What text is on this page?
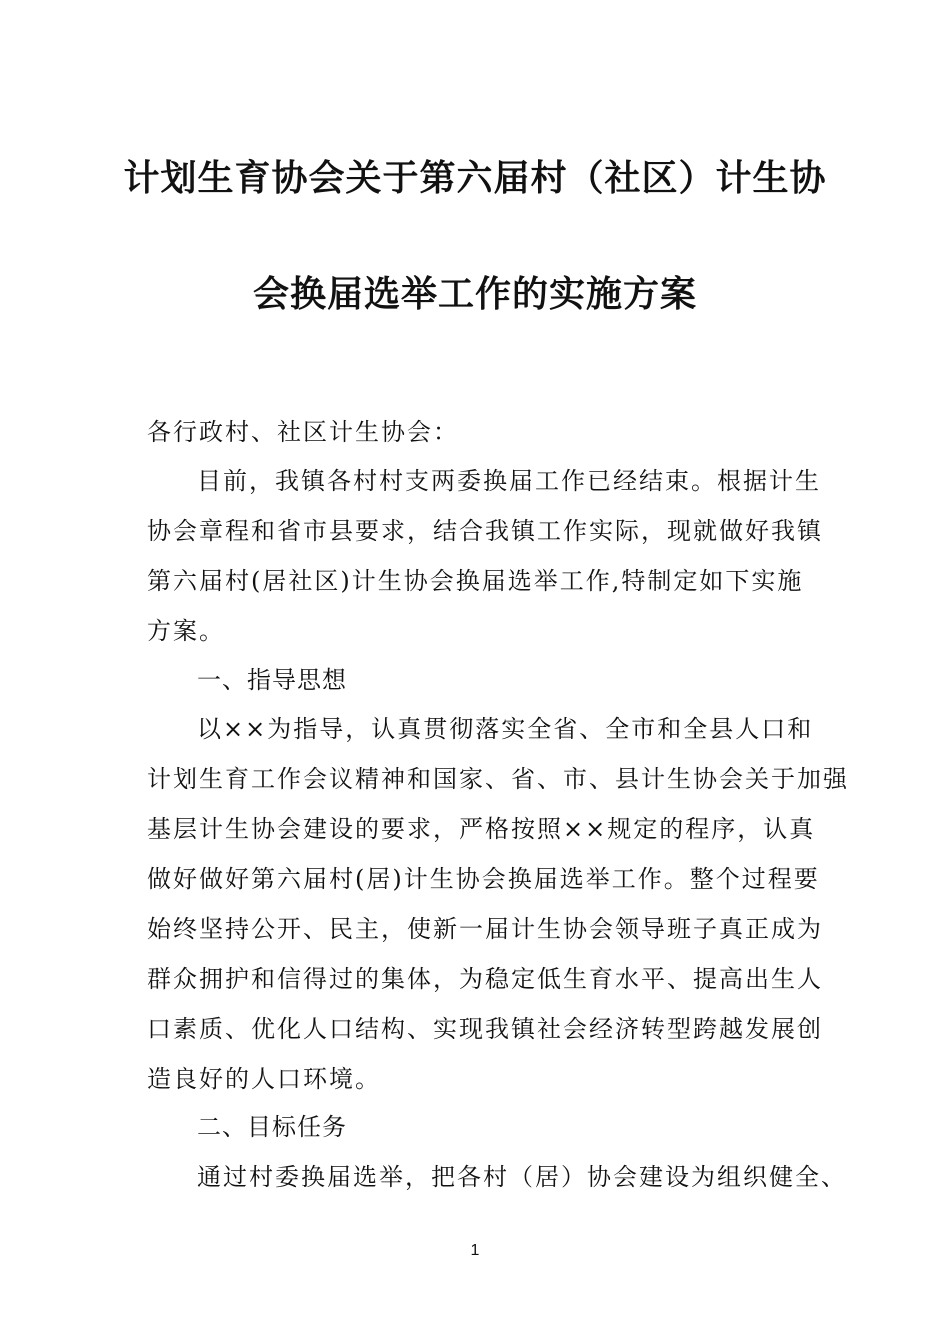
计划生育协会关于第六届村（社区）计生协
会换届选举工作的实施方案
各行政村、社区计生协会：
目前，我镇各村村支两委换届工作已经结束。根据计生
协会章程和省市县要求，结合我镇工作实际，现就做好我镇
第六届村(居社区)计生协会换届选举工作,特制定如下实施
方案。
一、指导思想
以××为指导，认真贯彻落实全省、全市和全县人口和
计划生育工作会议精神和国家、省、市、县计生协会关于加强
基层计生协会建设的要求，严格按照××规定的程序，认真
做好做好第六届村(居)计生协会换届选举工作。整个过程要
始终坚持公开、民主，使新一届计生协会领导班子真正成为
群众拥护和信得过的集体，为稳定低生育水平、提高出生人
口素质、优化人口结构、实现我镇社会经济转型跨越发展创
造良好的人口环境。
二、目标任务
通过村委换届选举，把各村（居）协会建设为组织健全、
1
